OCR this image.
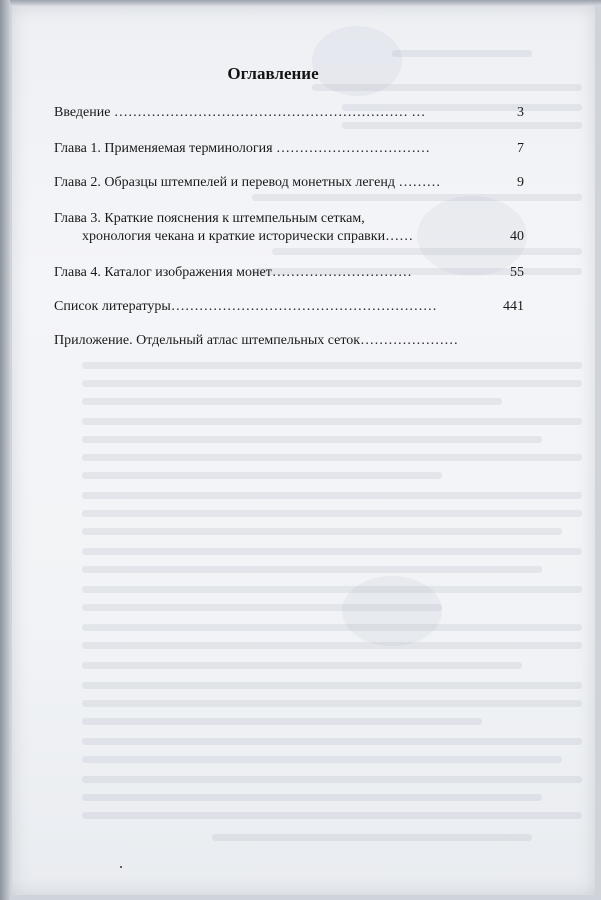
Оглавление
Введение ……………………………………………………… …	3
Глава 1. Применяемая терминология ……………………………	7
Глава 2. Образцы штемпелей и перевод монетных легенд ………	9
Глава 3. Краткие пояснения к штемпельным сеткам,
хронология чекана и краткие исторически справки……	40
Глава 4. Каталог изображения монет…………………………	55
Список литературы…………………………………………………	441
Приложение. Отдельный атлас штемпельных сеток…………………
